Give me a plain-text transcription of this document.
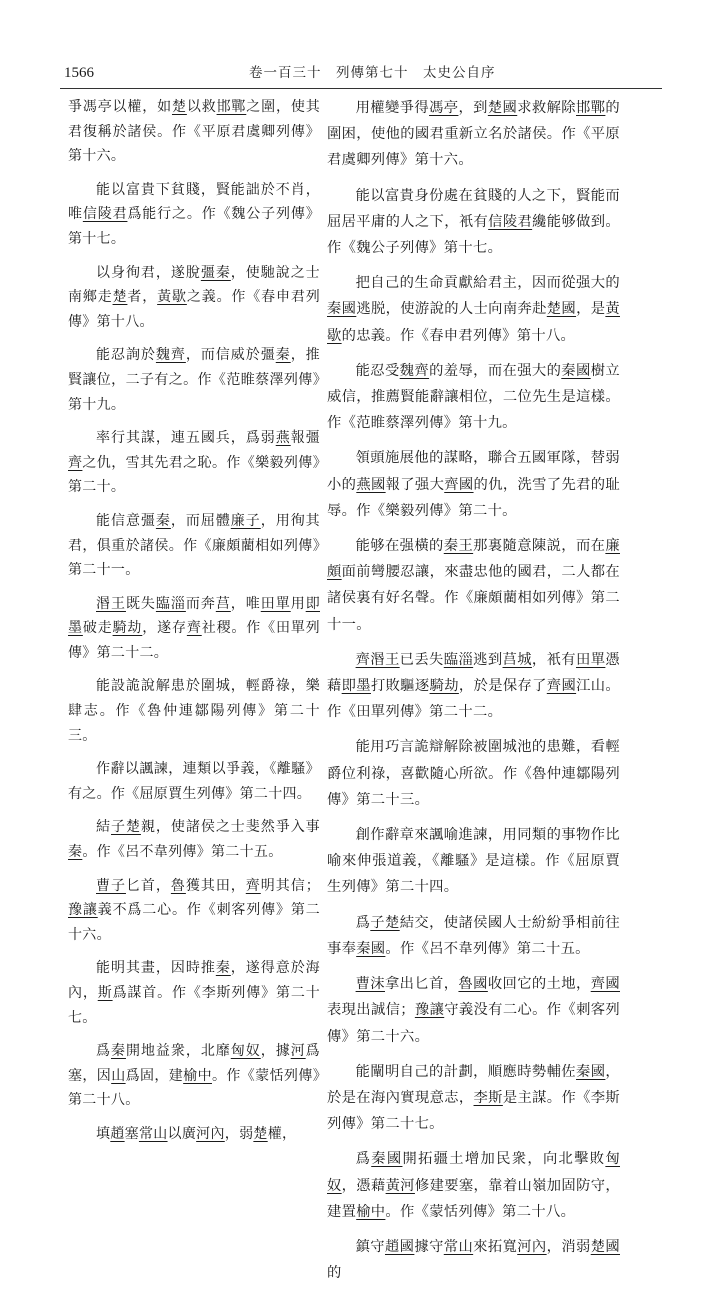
1566	卷一百三十　列傳第七十　太史公自序

爭馮亭以權，如楚以救邯鄲之圍，使其君復稱於諸侯。作《平原君虞卿列傳》第十六。

能以富貴下貧賤，賢能詘於不肖，唯信陵君爲能行之。作《魏公子列傳》第十七。

以身徇君，遂脫彊秦，使馳說之士南鄉走楚者，黃歇之義。作《春申君列傳》第十八。

能忍詢於魏齊，而信威於彊秦，推賢讓位，二子有之。作《范睢蔡澤列傳》第十九。

率行其謀，連五國兵，爲弱燕報彊齊之仇，雪其先君之恥。作《樂毅列傳》第二十。

能信意彊秦，而屈體廉子，用徇其君，俱重於諸侯。作《廉頗藺相如列傳》第二十一。

湣王既失臨淄而奔莒，唯田單用即墨破走騎劫，遂存齊社稷。作《田單列傳》第二十二。

能設詭說解患於圍城，輕爵祿，樂肆志。作《魯仲連鄒陽列傳》第二十三。

作辭以諷諫，連類以爭義，《離騷》有之。作《屈原賈生列傳》第二十四。

結子楚親，使諸侯之士斐然爭入事秦。作《呂不韋列傳》第二十五。

曹子匕首，魯獲其田，齊明其信；豫讓義不爲二心。作《刺客列傳》第二十六。

能明其畫，因時推秦，遂得意於海內，斯爲謀首。作《李斯列傳》第二十七。

爲秦開地益衆，北靡匈奴，據河爲塞，因山爲固，建榆中。作《蒙恬列傳》第二十八。

填趙塞常山以廣河內，弱楚權，

用權變爭得馮亭，到楚國求救解除邯鄲的圍困，使他的國君重新立名於諸侯。作《平原君虞卿列傳》第十六。

能以富貴身份處在貧賤的人之下，賢能而屈居平庸的人之下，衹有信陵君纔能够做到。作《魏公子列傳》第十七。

把自己的生命貢獻給君主，因而從强大的秦國逃脱，使游說的人士向南奔赴楚國，是黃歇的忠義。作《春申君列傳》第十八。

能忍受魏齊的羞辱，而在强大的秦國樹立威信，推薦賢能辭讓相位，二位先生是這樣。作《范睢蔡澤列傳》第十九。

領頭施展他的謀略，聯合五國軍隊，替弱小的燕國報了强大齊國的仇，洗雪了先君的耻辱。作《樂毅列傳》第二十。

能够在强橫的秦王那裏隨意陳説，而在廉頗面前彎腰忍讓，來盡忠他的國君，二人都在諸侯裏有好名聲。作《廉頗藺相如列傳》第二十一。

齊湣王已丢失臨淄逃到莒城，衹有田單憑藉即墨打敗驅逐騎劫，於是保存了齊國江山。作《田單列傳》第二十二。

能用巧言詭辯解除被圍城池的患難，看輕爵位利祿，喜歡隨心所欲。作《魯仲連鄒陽列傳》第二十三。

創作辭章來諷喻進諫，用同類的事物作比喻來伸張道義，《離騷》是這樣。作《屈原賈生列傳》第二十四。

爲子楚結交，使諸侯國人士紛紛爭相前往事奉秦國。作《呂不韋列傳》第二十五。

曹沫拿出匕首，魯國收回它的土地，齊國表現出誠信；豫讓守義没有二心。作《刺客列傳》第二十六。

能闡明自己的計劃，順應時勢輔佐秦國，於是在海內實現意志，李斯是主謀。作《李斯列傳》第二十七。

爲秦國開拓疆土增加民衆，向北擊敗匈奴，憑藉黃河修建要塞，靠着山嶺加固防守，建置榆中。作《蒙恬列傳》第二十八。

鎮守趙國據守常山來拓寬河內，消弱楚國的
